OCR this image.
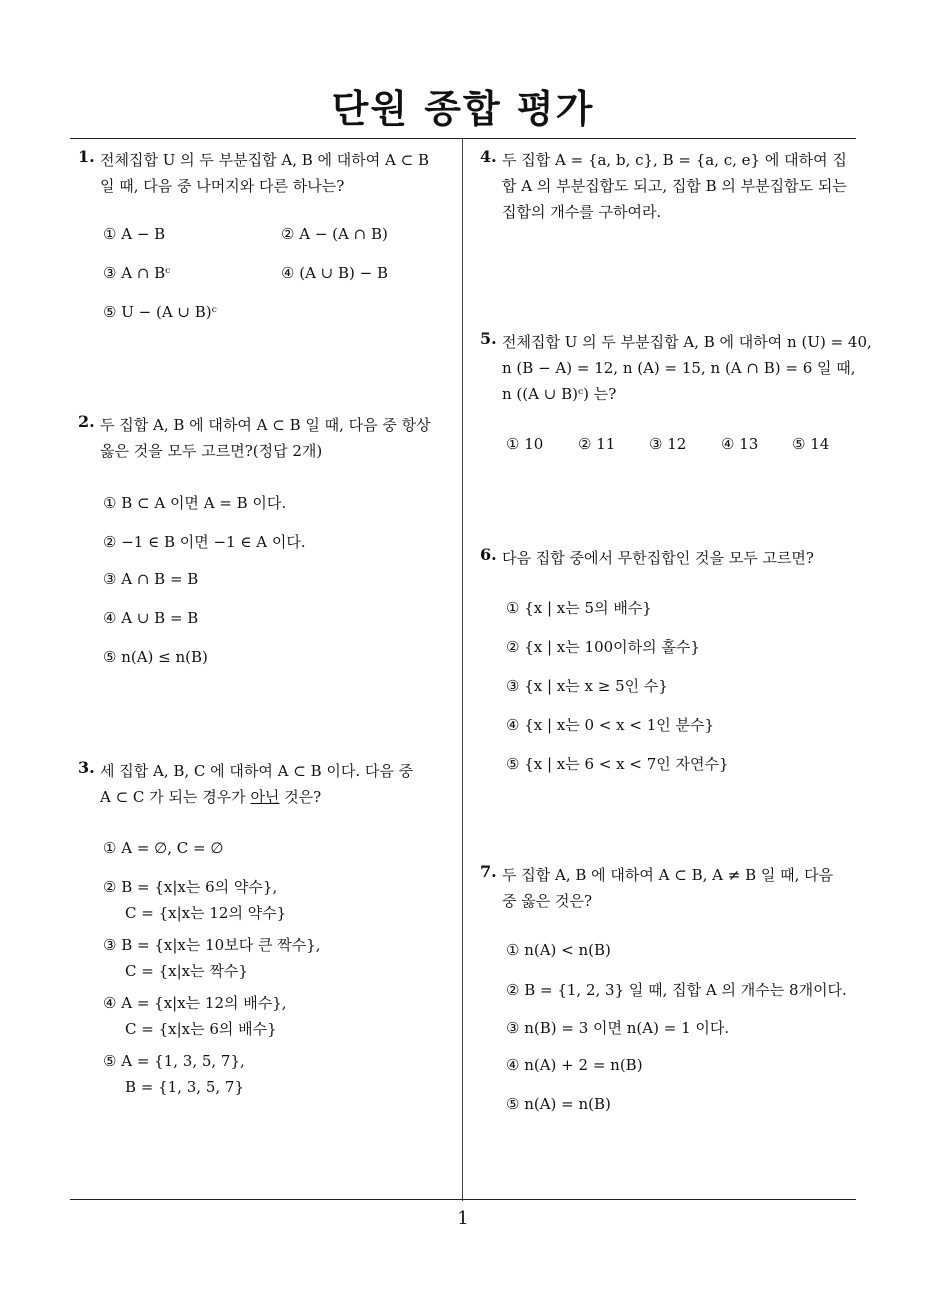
단원 종합 평가
1
1. 전체집합 U 의 두 부분집합 A, B 에 대하여 A ⊂ B
일 때, 다음 중 나머지와 다른 하나는?
① A − B	② A − (A ∩ B)
③ A ∩ Bᶜ	④ (A ∪ B) − B
⑤ U − (A ∪ B)ᶜ
2. 두 집합 A, B 에 대하여 A ⊂ B 일 때, 다음 중 항상
옳은 것을 모두 고르면?(정답 2개)
① B ⊂ A 이면 A = B 이다.
② −1 ∈ B 이면 −1 ∈ A 이다.
③ A ∩ B = B
④ A ∪ B = B
⑤ n(A) ≤ n(B)
3. 세 집합 A, B, C 에 대하여 A ⊂ B 이다. 다음 중
A ⊂ C 가 되는 경우가 아닌 것은?
① A = ∅, C = ∅
② B = {x|x는 6의 약수},
C = {x|x는 12의 약수}
③ B = {x|x는 10보다 큰 짝수},
C = {x|x는 짝수}
④ A = {x|x는 12의 배수},
C = {x|x는 6의 배수}
⑤ A = {1, 3, 5, 7},
B = {1, 3, 5, 7}
4. 두 집합 A = {a, b, c}, B = {a, c, e} 에 대하여 집
합 A 의 부분집합도 되고, 집합 B 의 부분집합도 되는
집합의 개수를 구하여라.
5. 전체집합 U 의 두 부분집합 A, B 에 대하여 n (U) = 40,
n (B − A) = 12, n (A) = 15, n (A ∩ B) = 6 일 때,
n ((A ∪ B)ᶜ) 는?
① 10 ② 11 ③ 12 ④ 13 ⑤ 14
6. 다음 집합 중에서 무한집합인 것을 모두 고르면?
① {x | x는 5의 배수}
② {x | x는 100이하의 홀수}
③ {x | x는 x ≥ 5인 수}
④ {x | x는 0 < x < 1인 분수}
⑤ {x | x는 6 < x < 7인 자연수}
7. 두 집합 A, B 에 대하여 A ⊂ B, A ≠ B 일 때, 다음
중 옳은 것은?
① n(A) < n(B)
② B = {1, 2, 3} 일 때, 집합 A 의 개수는 8개이다.
③ n(B) = 3 이면 n(A) = 1 이다.
④ n(A) + 2 = n(B)
⑤ n(A) = n(B)
